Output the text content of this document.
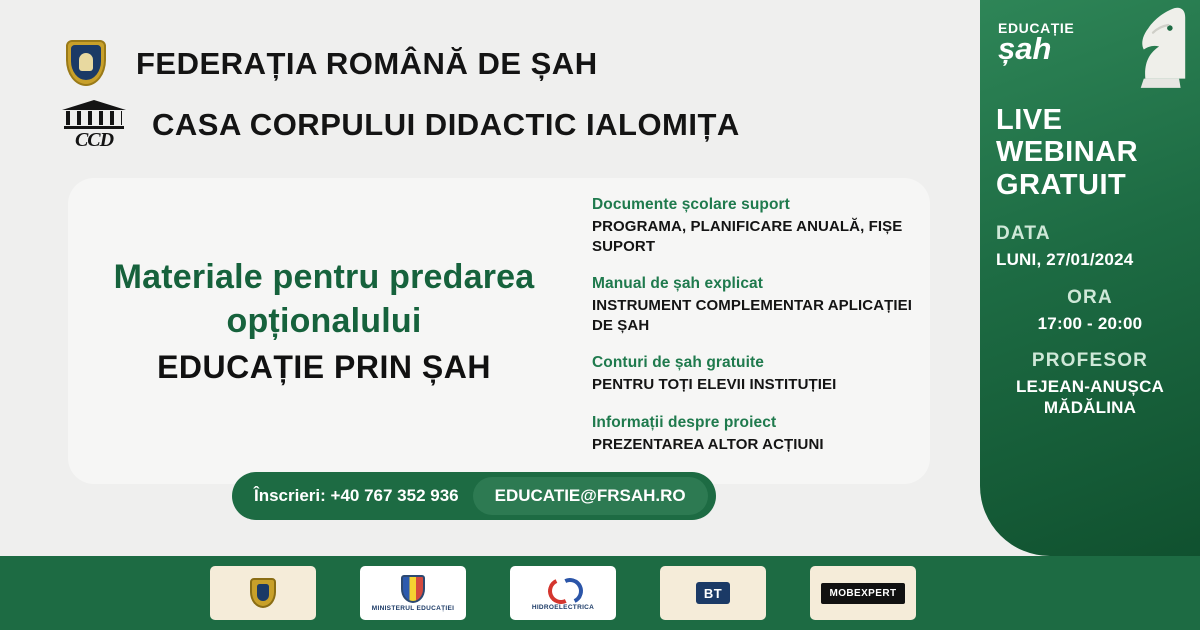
FEDERAȚIA ROMÂNĂ DE ȘAH
CCD	CASA CORPULUI DIDACTIC IALOMIȚA
Materiale pentru predarea opționalului
EDUCAȚIE PRIN ȘAH
Documente școlare suport
PROGRAMA, PLANIFICARE ANUALĂ, FIȘE SUPORT
Manual de șah explicat
INSTRUMENT COMPLEMENTAR APLICAȚIEI DE ȘAH
Conturi de șah gratuite
PENTRU TOȚI ELEVII INSTITUȚIEI
Informații despre proiect
PREZENTAREA ALTOR ACȚIUNI
Înscrieri: +40 767 352 936	EDUCATIE@FRSAH.RO
EDUCAȚIE
șah
LIVE WEBINAR GRATUIT
DATA
LUNI, 27/01/2024
ORA
17:00 - 20:00
PROFESOR
LEJEAN-ANUȘCA MĂDĂLINA
MINISTERUL EDUCAȚIEI	HIDROELECTRICA
BT	MOBEXPERT
